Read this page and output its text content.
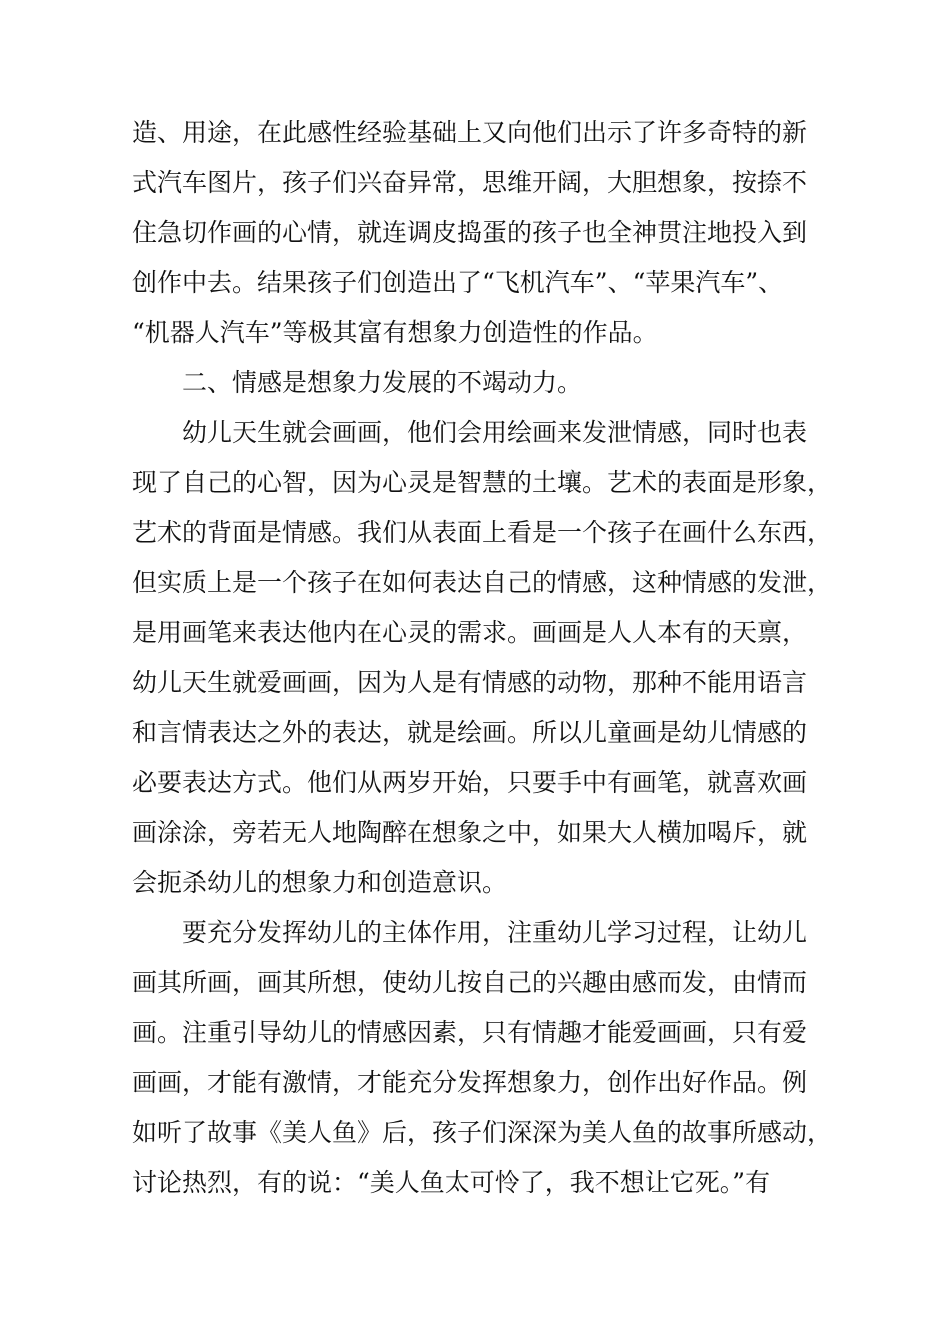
造、用途，在此感性经验基础上又向他们出示了许多奇特的新
式汽车图片，孩子们兴奋异常，思维开阔，大胆想象，按捺不
住急切作画的心情，就连调皮捣蛋的孩子也全神贯注地投入到
创作中去。结果孩子们创造出了“飞机汽车”、“苹果汽车”、
“机器人汽车”等极其富有想象力创造性的作品。
二、情感是想象力发展的不竭动力。
幼儿天生就会画画，他们会用绘画来发泄情感，同时也表
现了自己的心智，因为心灵是智慧的土壤。艺术的表面是形象，
艺术的背面是情感。我们从表面上看是一个孩子在画什么东西，
但实质上是一个孩子在如何表达自己的情感，这种情感的发泄，
是用画笔来表达他内在心灵的需求。画画是人人本有的天禀，
幼儿天生就爱画画，因为人是有情感的动物，那种不能用语言
和言情表达之外的表达，就是绘画。所以儿童画是幼儿情感的
必要表达方式。他们从两岁开始，只要手中有画笔，就喜欢画
画涂涂，旁若无人地陶醉在想象之中，如果大人横加喝斥，就
会扼杀幼儿的想象力和创造意识。
要充分发挥幼儿的主体作用，注重幼儿学习过程，让幼儿
画其所画，画其所想，使幼儿按自己的兴趣由感而发，由情而
画。注重引导幼儿的情感因素，只有情趣才能爱画画，只有爱
画画，才能有激情，才能充分发挥想象力，创作出好作品。例
如听了故事《美人鱼》后，孩子们深深为美人鱼的故事所感动，
讨论热烈，有的说：“美人鱼太可怜了，我不想让它死。”有
